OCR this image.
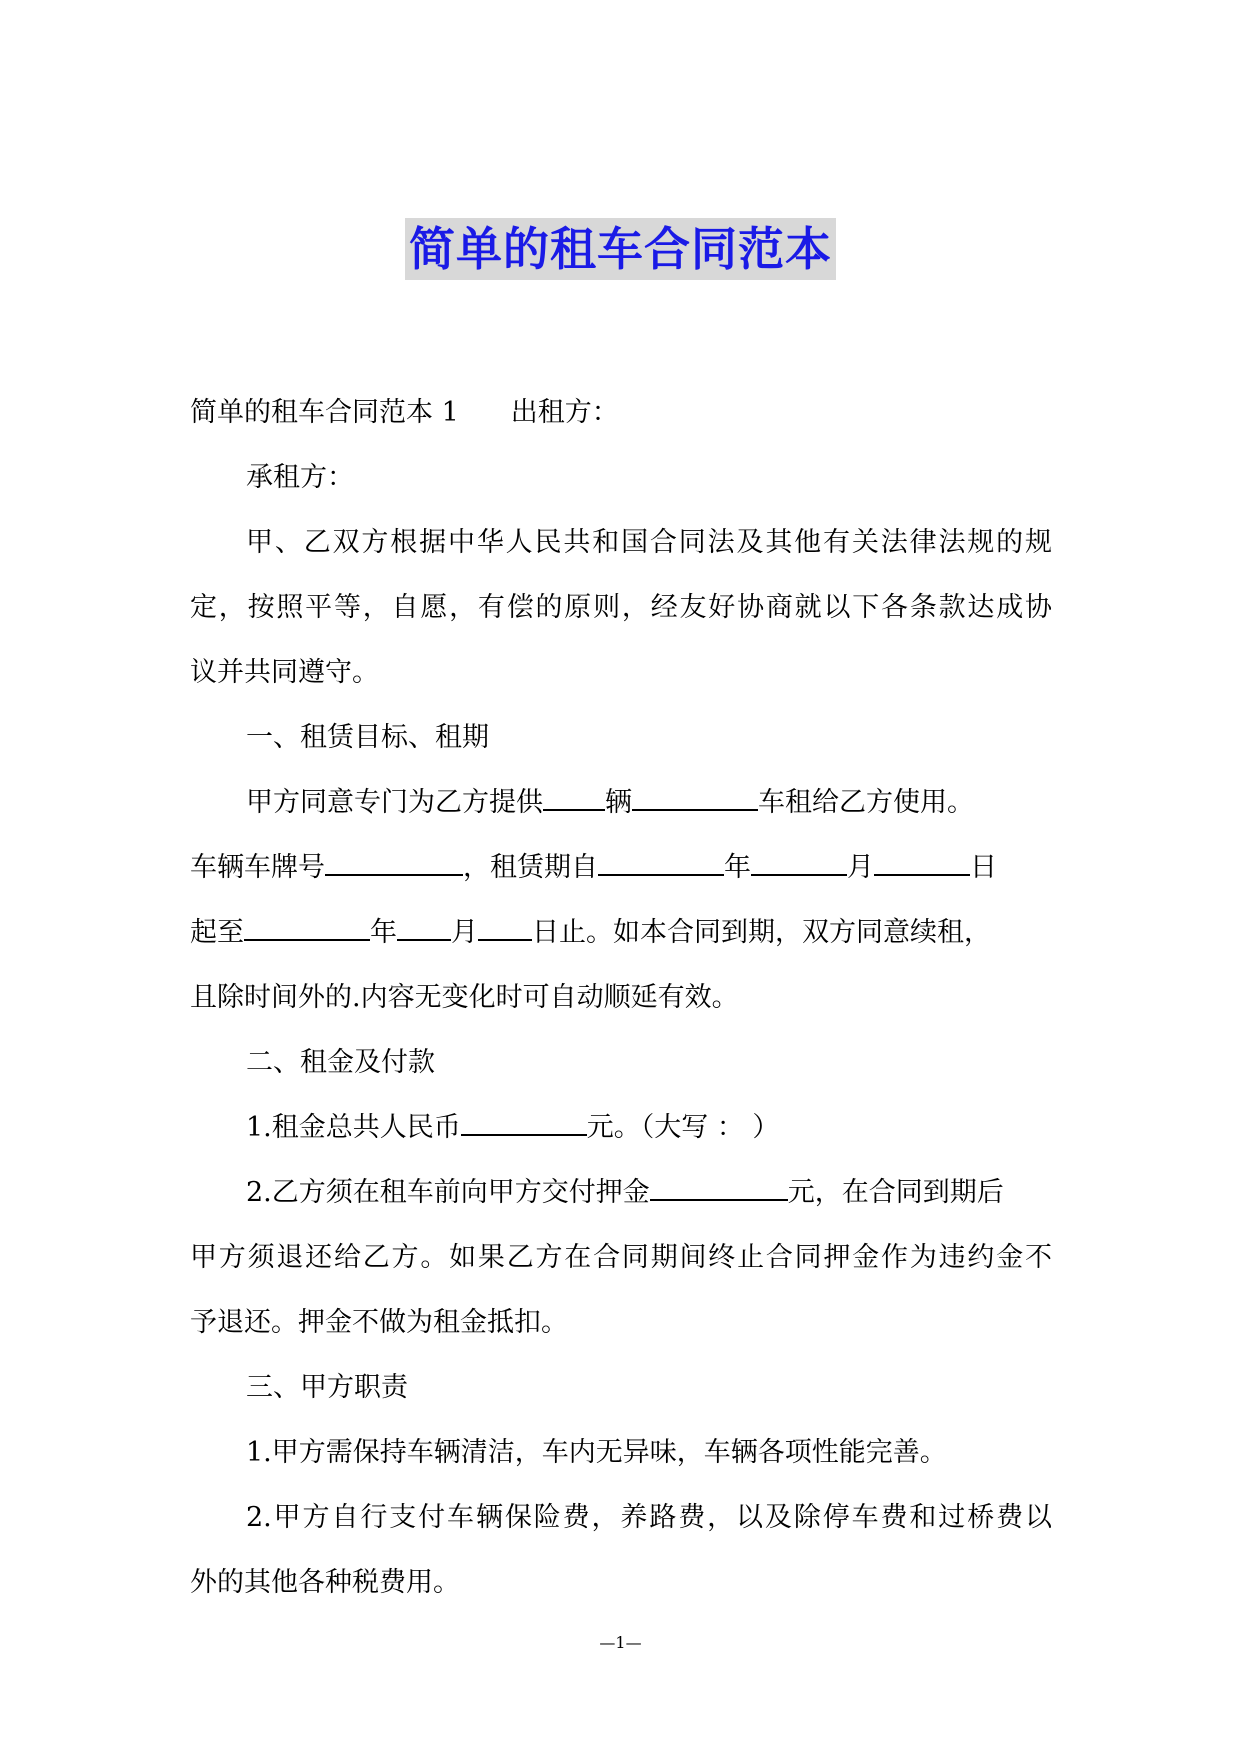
简单的租车合同范本
简单的租车合同范本 1 出租方：
承租方：
甲、乙双方根据中华人民共和国合同法及其他有关法律法规的规
定，按照平等，自愿，有偿的原则，经友好协商就以下各条款达成协
议并共同遵守。
一、租赁目标、租期
甲方同意专门为乙方提供 辆	车租给乙方使用。
车辆车牌号	，租赁期自	年	月	日
起至	年 月 日止。如本合同到期，双方同意续租，
且除时间外的.内容无变化时可自动顺延有效。
二、租金及付款
1.租金总共人民币	元。（大写 ： ）
2.乙方须在租车前向甲方交付押金	元，在合同到期后
甲方须退还给乙方。如果乙方在合同期间终止合同押金作为违约金不
予退还。押金不做为租金抵扣。
三、甲方职责
1.甲方需保持车辆清洁，车内无异味，车辆各项性能完善。
2.甲方自行支付车辆保险费，养路费，以及除停车费和过桥费以
外的其他各种税费用。
—1—
